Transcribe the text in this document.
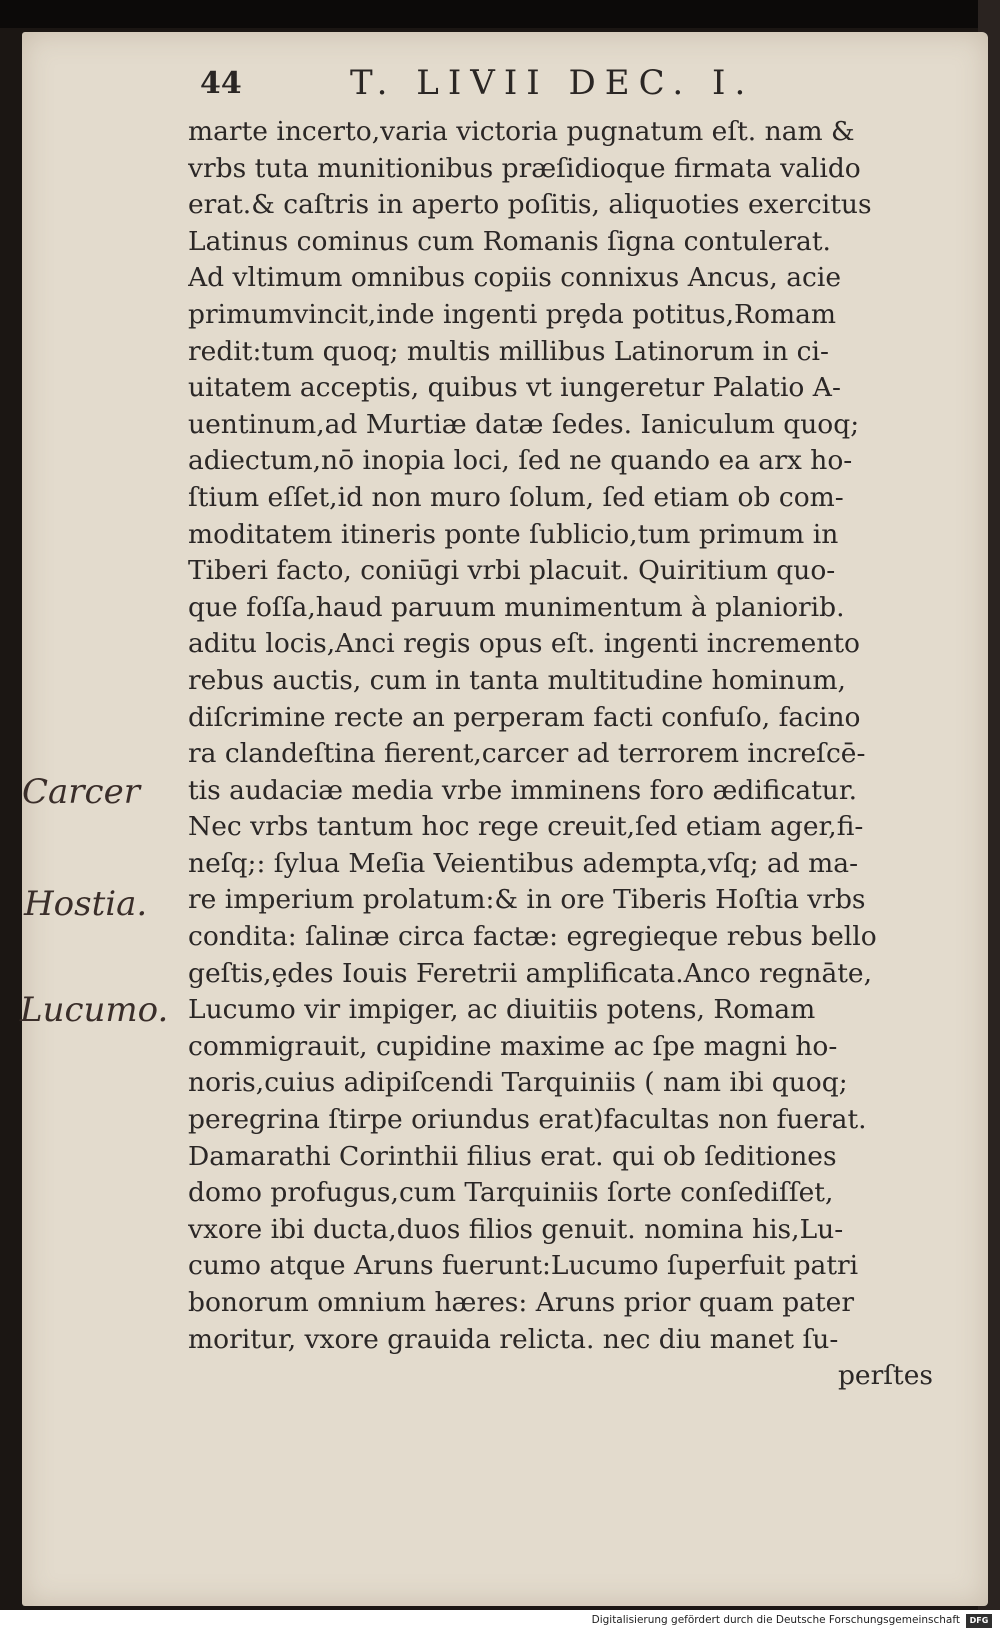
44	T. LIVII DEC. I.
marte incerto,varia victoria pugnatum eſt. nam &
vrbs tuta munitionibus præſidioque firmata valido
erat.& caſtris in aperto poſitis, aliquoties exercitus
Latinus cominus cum Romanis ſigna contulerat.
Ad vltimum omnibus copiis connixus Ancus, acie
primumvincit,inde ingenti prȩda potitus,Romam
redit:tum quoq; multis millibus Latinorum in ci-
uitatem acceptis, quibus vt iungeretur Palatio A-
uentinum,ad Murtiæ datæ ſedes. Ianiculum quoq;
adiectum,nō inopia loci, ſed ne quando ea arx ho-
ſtium eſſet,id non muro ſolum, ſed etiam ob com-
moditatem itineris ponte ſublicio,tum primum in
Tiberi facto, coniūgi vrbi placuit. Quiritium quo-
que foſſa,haud paruum munimentum à planiorib.
aditu locis,Anci regis opus eſt. ingenti incremento
rebus auctis, cum in tanta multitudine hominum,
diſcrimine recte an perperam facti confuſo, facino
ra clandeſtina fierent,carcer ad terrorem increſcē-
tis audaciæ media vrbe imminens foro ædificatur.
Nec vrbs tantum hoc rege creuit,ſed etiam ager,fi-
neſq;: ſylua Meſia Veientibus adempta,vſq; ad ma-
re imperium prolatum:& in ore Tiberis Hoſtia vrbs
condita: ſalinæ circa factæ: egregieque rebus bello
geſtis,ȩdes Iouis Feretrii amplificata.Anco regnāte,
Lucumo vir impiger, ac diuitiis potens, Romam
commigrauit, cupidine maxime ac ſpe magni ho-
noris,cuius adipiſcendi Tarquiniis ( nam ibi quoq;
peregrina ſtirpe oriundus erat)facultas non fuerat.
Damarathi Corinthii filius erat. qui ob ſeditiones
domo profugus,cum Tarquiniis ſorte conſediſſet,
vxore ibi ducta,duos filios genuit. nomina his,Lu-
cumo atque Aruns fuerunt:Lucumo ſuperfuit patri
bonorum omnium hæres: Aruns prior quam pater
moritur, vxore grauida relicta. nec diu manet ſu-
perſtes
Carcer
Hostia.
Lucumo.
Digitalisierung gefördert durch die Deutsche Forschungsgemeinschaft	DFG
